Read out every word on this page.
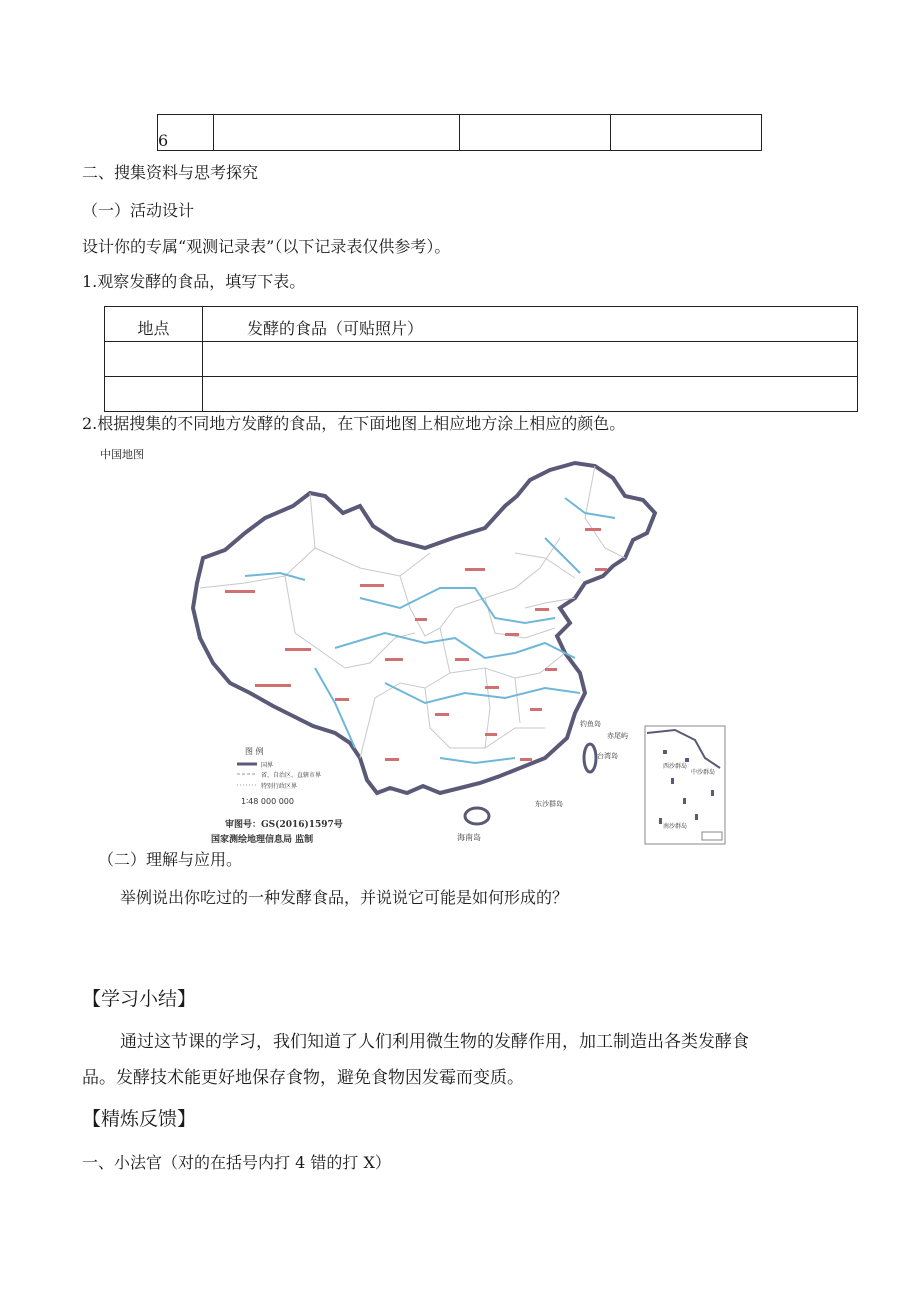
6			
二、搜集资料与思考探究
（一）活动设计
设计你的专属“观测记录表”（以下记录表仅供参考）。
1.观察发酵的食品，填写下表。
地点	发酵的食品（可贴照片）

2.根据搜集的不同地方发酵的食品，在下面地图上相应地方涂上相应的颜色。
中国地图
海南岛
台湾岛
钓鱼岛
赤尾屿
东沙群岛
图 例
国界
省、自治区、直辖市界
特别行政区界
1∶48 000 000
审图号：GS(2016)1597号
国家测绘地理信息局 监制
西沙群岛
中沙群岛
南沙群岛
（二）理解与应用。
举例说出你吃过的一种发酵食品，并说说它可能是如何形成的？
【学习小结】
通过这节课的学习，我们知道了人们利用微生物的发酵作用，加工制造出各类发酵食
品。发酵技术能更好地保存食物，避免食物因发霉而变质。
【精炼反馈】
一、小法官（对的在括号内打 4 错的打 X）
